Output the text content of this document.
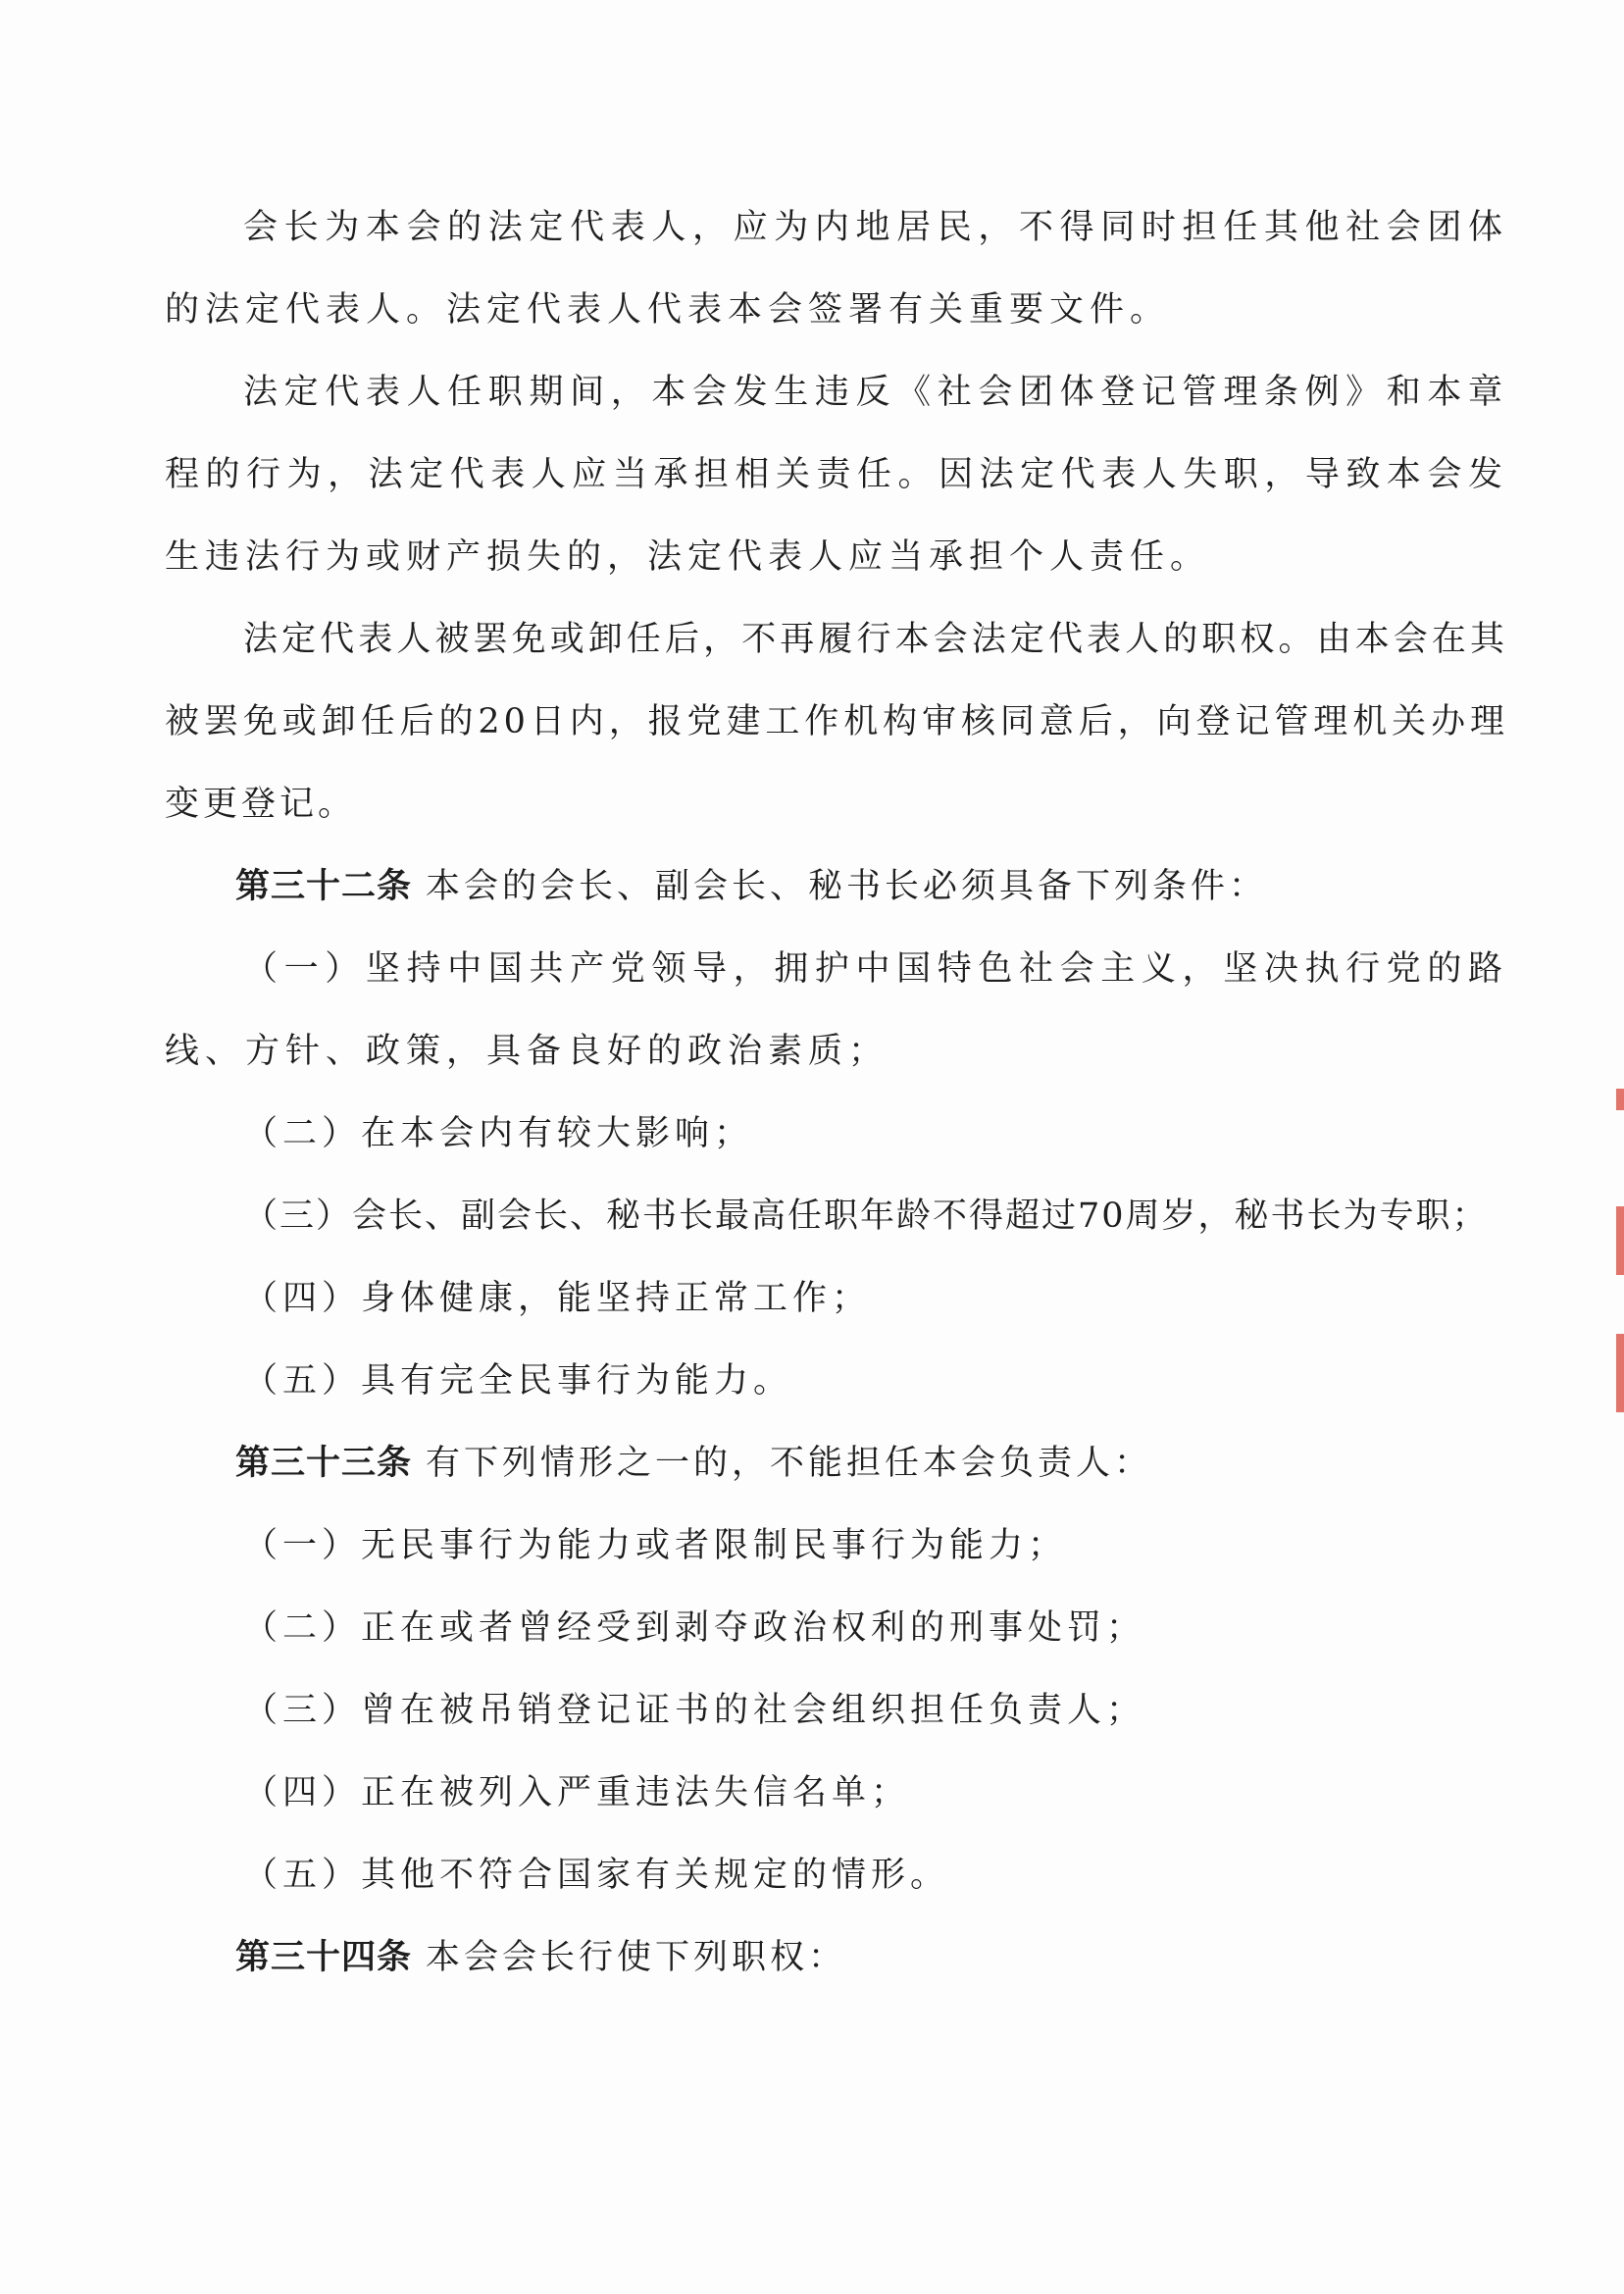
会长为本会的法定代表人，应为内地居民，不得同时担任其他社会团体的法定代表人。法定代表人代表本会签署有关重要文件。

法定代表人任职期间，本会发生违反《社会团体登记管理条例》和本章程的行为，法定代表人应当承担相关责任。因法定代表人失职，导致本会发生违法行为或财产损失的，法定代表人应当承担个人责任。

法定代表人被罢免或卸任后，不再履行本会法定代表人的职权。由本会在其被罢免或卸任后的20日内，报党建工作机构审核同意后，向登记管理机关办理变更登记。

第三十二条 本会的会长、副会长、秘书长必须具备下列条件：

（一）坚持中国共产党领导，拥护中国特色社会主义，坚决执行党的路线、方针、政策，具备良好的政治素质；

（二）在本会内有较大影响；

（三）会长、副会长、秘书长最高任职年龄不得超过70周岁，秘书长为专职；

（四）身体健康，能坚持正常工作；

（五）具有完全民事行为能力。

第三十三条 有下列情形之一的，不能担任本会负责人：

（一）无民事行为能力或者限制民事行为能力；

（二）正在或者曾经受到剥夺政治权利的刑事处罚；

（三）曾在被吊销登记证书的社会组织担任负责人；

（四）正在被列入严重违法失信名单；

（五）其他不符合国家有关规定的情形。

第三十四条 本会会长行使下列职权：
